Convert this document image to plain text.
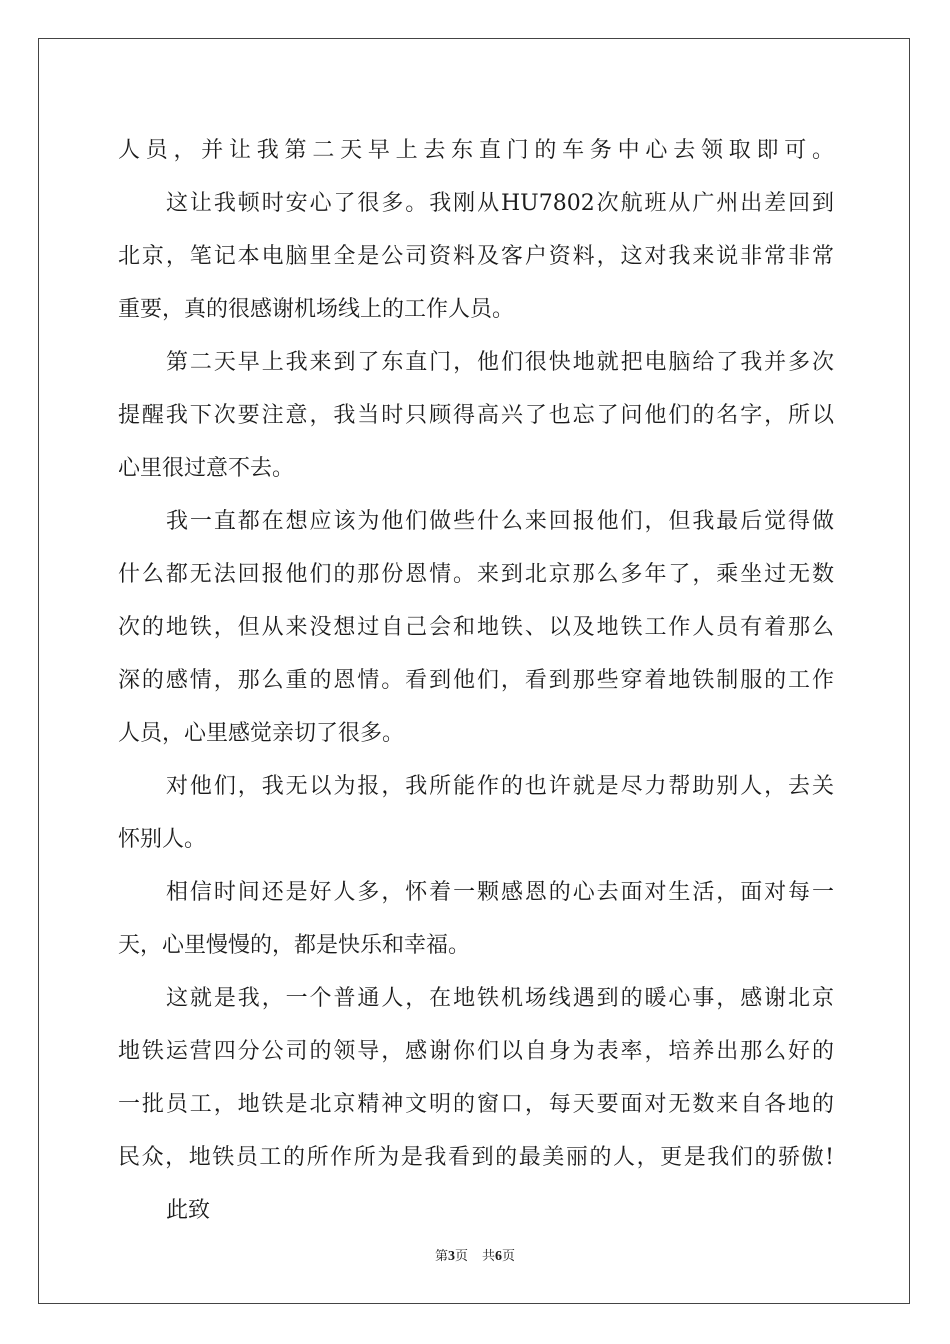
人员，并让我第二天早上去东直门的车务中心去领取即可。
这让我顿时安心了很多。我刚从HU7802次航班从广州出差回到
北京，笔记本电脑里全是公司资料及客户资料，这对我来说非常非常
重要，真的很感谢机场线上的工作人员。
第二天早上我来到了东直门，他们很快地就把电脑给了我并多次
提醒我下次要注意，我当时只顾得高兴了也忘了问他们的名字，所以
心里很过意不去。
我一直都在想应该为他们做些什么来回报他们，但我最后觉得做
什么都无法回报他们的那份恩情。来到北京那么多年了，乘坐过无数
次的地铁，但从来没想过自己会和地铁、以及地铁工作人员有着那么
深的感情，那么重的恩情。看到他们，看到那些穿着地铁制服的工作
人员，心里感觉亲切了很多。
对他们，我无以为报，我所能作的也许就是尽力帮助别人，去关
怀别人。
相信时间还是好人多，怀着一颗感恩的心去面对生活，面对每一
天，心里慢慢的，都是快乐和幸福。
这就是我，一个普通人，在地铁机场线遇到的暖心事，感谢北京
地铁运营四分公司的领导，感谢你们以自身为表率，培养出那么好的
一批员工，地铁是北京精神文明的窗口，每天要面对无数来自各地的
民众，地铁员工的所作所为是我看到的最美丽的人，更是我们的骄傲!
此致
第3页 共6页
